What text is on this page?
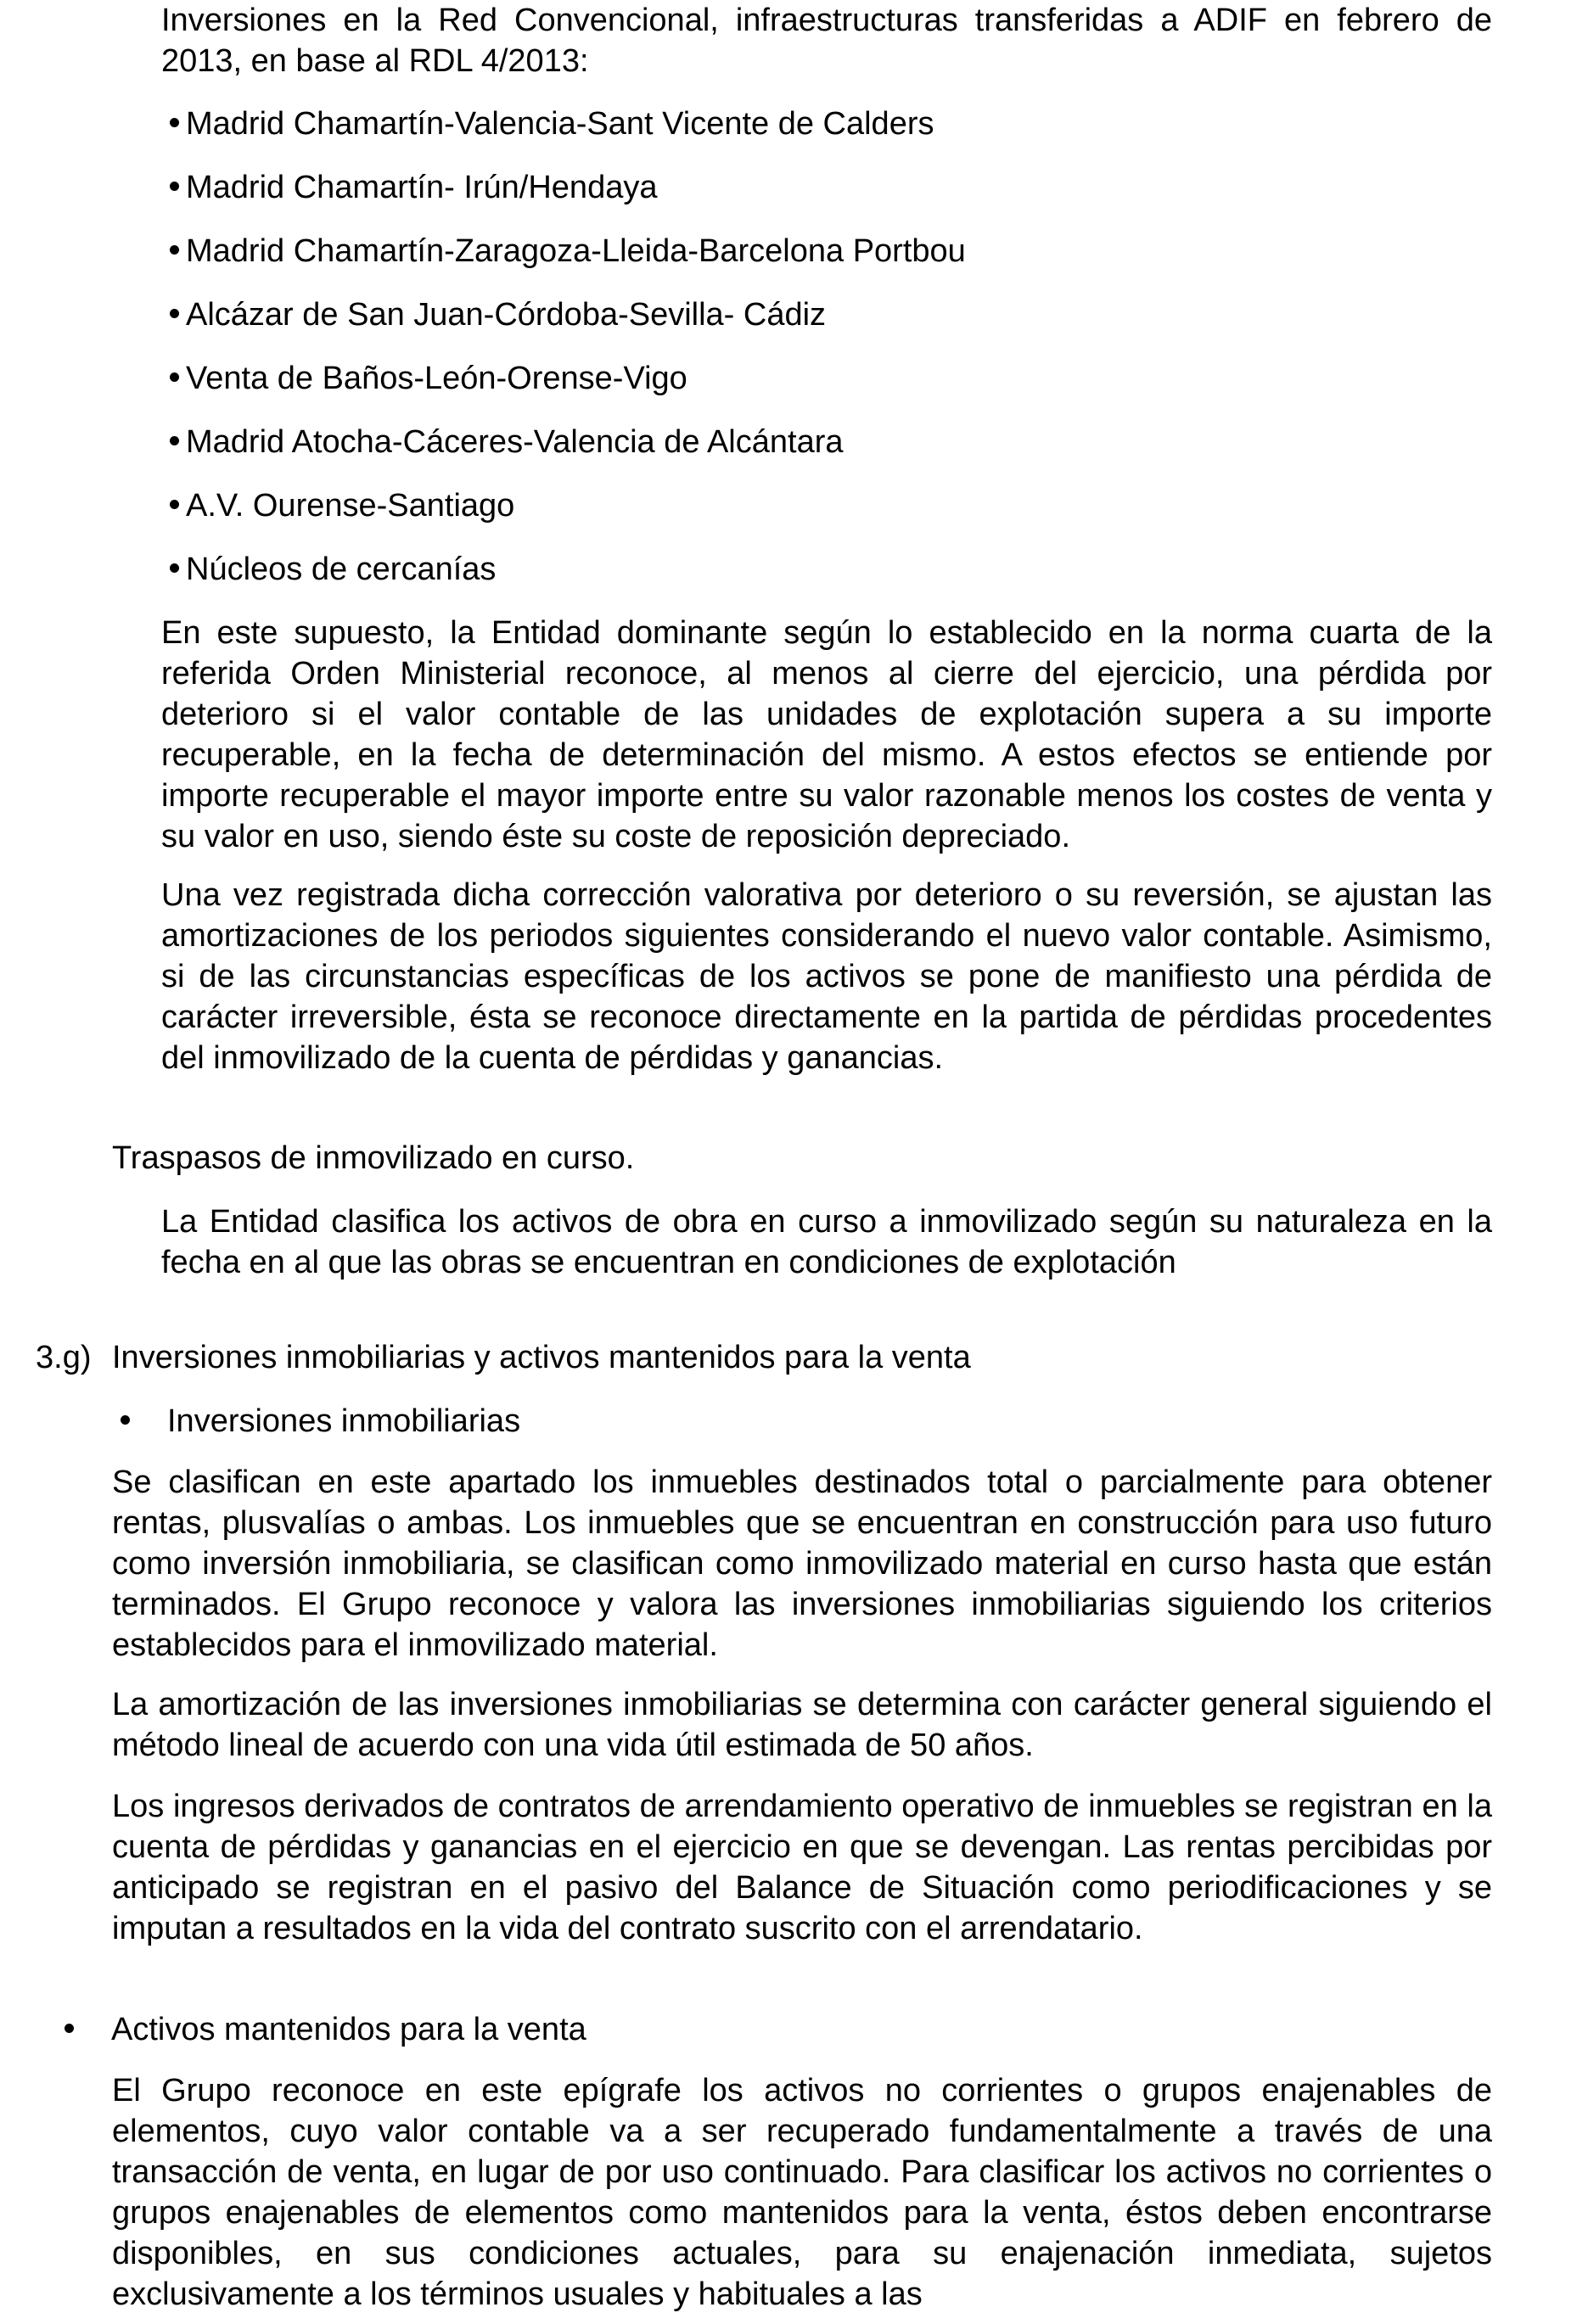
Inversiones en la Red Convencional, infraestructuras transferidas a ADIF en febrero de 2013, en base al RDL 4/2013:

Madrid Chamartín-Valencia-Sant Vicente de Calders
Madrid Chamartín- Irún/Hendaya
Madrid Chamartín-Zaragoza-Lleida-Barcelona Portbou
Alcázar de San Juan-Córdoba-Sevilla- Cádiz
Venta de Baños-León-Orense-Vigo
Madrid Atocha-Cáceres-Valencia de Alcántara
A.V. Ourense-Santiago
Núcleos de cercanías

En este supuesto, la Entidad dominante según lo establecido en la norma cuarta de la referida Orden Ministerial reconoce, al menos al cierre del ejercicio, una pérdida por deterioro si el valor contable de las unidades de explotación supera a su importe recuperable, en la fecha de determinación del mismo. A estos efectos se entiende por importe recuperable el mayor importe entre su valor razonable menos los costes de venta y su valor en uso, siendo éste su coste de reposición depreciado.

Una vez registrada dicha corrección valorativa por deterioro o su reversión, se ajustan las amortizaciones de los periodos siguientes considerando el nuevo valor contable. Asimismo, si de las circunstancias específicas de los activos se pone de manifiesto una pérdida de carácter irreversible, ésta se reconoce directamente en la partida de pérdidas procedentes del inmovilizado de la cuenta de pérdidas y ganancias.

Traspasos de inmovilizado en curso.

La Entidad clasifica los activos de obra en curso a inmovilizado según su naturaleza en la fecha en al que las obras se encuentran en condiciones de explotación

3.g) Inversiones inmobiliarias y activos mantenidos para la venta

Inversiones inmobiliarias

Se clasifican en este apartado los inmuebles destinados total o parcialmente para obtener rentas, plusvalías o ambas. Los inmuebles que se encuentran en construcción para uso futuro como inversión inmobiliaria, se clasifican como inmovilizado material en curso hasta que están terminados. El Grupo reconoce y valora las inversiones inmobiliarias siguiendo los criterios establecidos para el inmovilizado material.

La amortización de las inversiones inmobiliarias se determina con carácter general siguiendo el método lineal de acuerdo con una vida útil estimada de 50 años.

Los ingresos derivados de contratos de arrendamiento operativo de inmuebles se registran en la cuenta de pérdidas y ganancias en el ejercicio en que se devengan. Las rentas percibidas por anticipado se registran en el pasivo del Balance de Situación como periodificaciones y se imputan a resultados en la vida del contrato suscrito con el arrendatario.

Activos mantenidos para la venta

El Grupo reconoce en este epígrafe los activos no corrientes o grupos enajenables de elementos, cuyo valor contable va a ser recuperado fundamentalmente a través de una transacción de venta, en lugar de por uso continuado. Para clasificar los activos no corrientes o grupos enajenables de elementos como mantenidos para la venta, éstos deben encontrarse disponibles, en sus condiciones actuales, para su enajenación inmediata, sujetos exclusivamente a los términos usuales y habituales a las
